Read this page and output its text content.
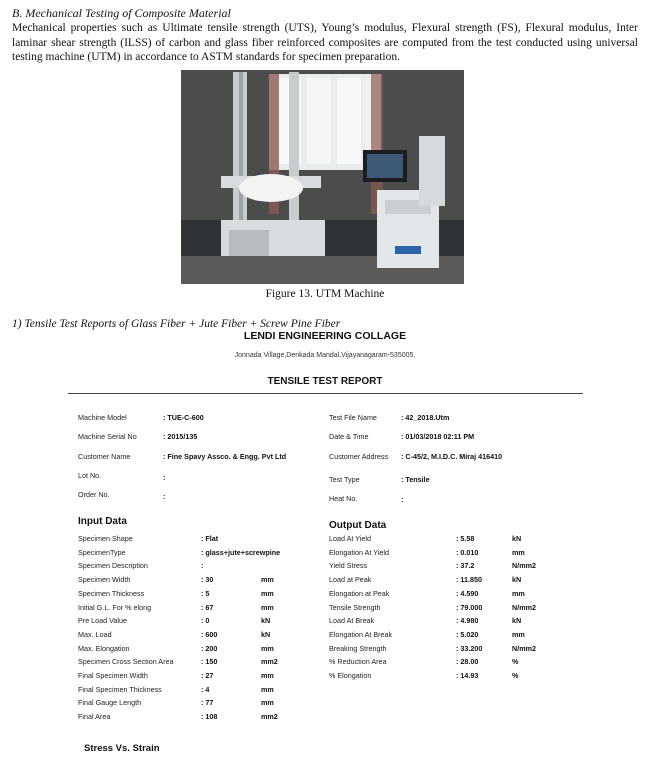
B. Mechanical Testing of Composite Material
Mechanical properties such as Ultimate tensile strength (UTS), Young’s modulus, Flexural strength (FS), Flexural modulus, Inter laminar shear strength (ILSS) of carbon and glass fiber reinforced composites are computed from the test conducted using universal testing machine (UTM) in accordance to ASTM standards for specimen preparation.
Figure 13. UTM Machine
1) Tensile Test Reports of Glass Fiber + Jute Fiber + Screw Pine Fiber
LENDI ENGINEERING COLLAGE
Jonnada Village,Denkada Mandal,Vijayanagaram-535005.
TENSILE TEST REPORT
Machine Model	: TUE-C-600
Machine Serial No	: 2015/135
Customer Name	: Fine Spavy Assco. & Engg. Pvt Ltd
Lot No.	:
Order No.	:
Test File Name	: 42_2018.Utm
Date & Time	: 01/03/2018 02:11 PM
Customer Address : C-45/2, M.I.D.C. Miraj 416410
Test Type	: Tensile
Heat No.	:
Input Data
Specimen Shape	: Flat
SpecimenType	: glass+jute+screwpine
Specimen Description	:
Specimen Width	: 30	mm
Specimen Thickness	: 5	mm
Initial G.L. For % elong	: 67	mm
Pre Load Value	: 0	kN
Max. Load	: 600	kN
Max. Elongation	: 200	mm
Specimen Cross Section Area	: 150	mm2
Final Specimen Width	: 27	mm
Final Specimen Thickness	: 4	mm
Final Gauge Length	: 77	mm
Final Area	: 108	mm2
Output Data
Load At Yield	: 5.58	kN
Elongation At Yield	: 0.010	mm
Yield Stress	: 37.2	N/mm2
Load at Peak	: 11.850	kN
Elongation at Peak	: 4.590	mm
Tensile Strength	: 79.000	N/mm2
Load At Break	: 4.980	kN
Elongation At Break	: 5.020	mm
Breaking Strength	: 33.200	N/mm2
% Reduction Area	: 28.00	%
% Elongation	: 14.93	%
Stress Vs. Strain
